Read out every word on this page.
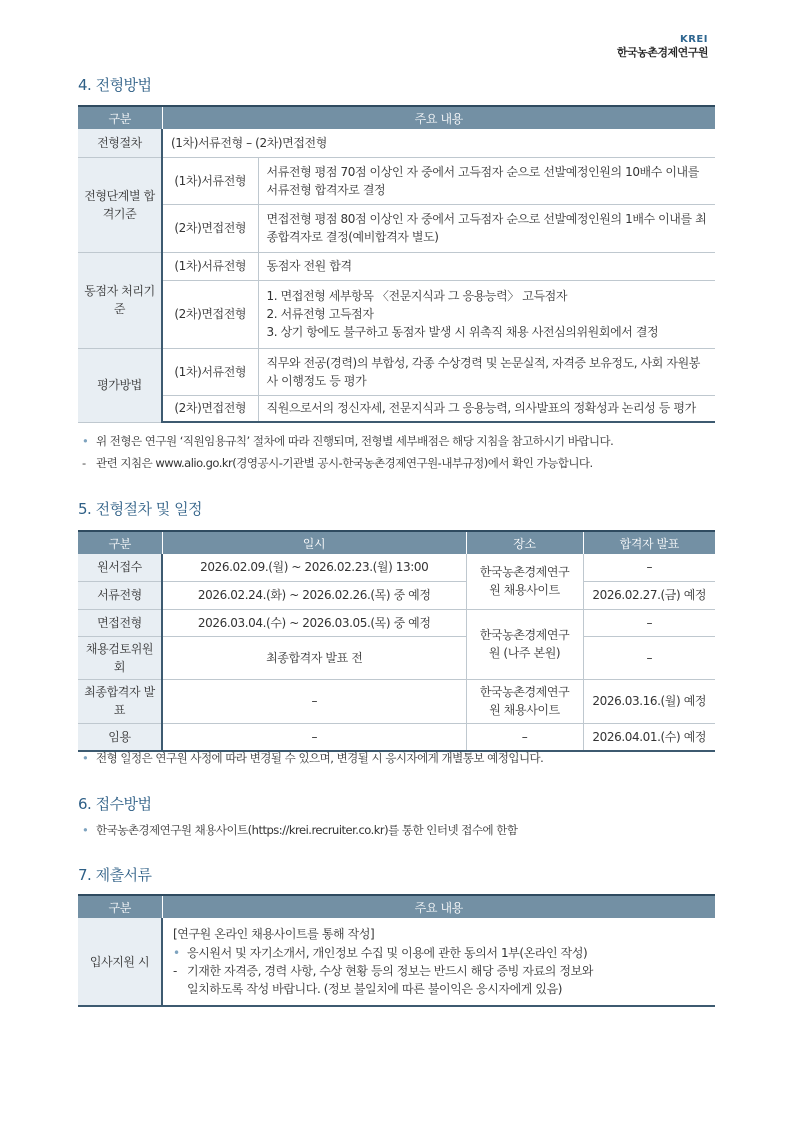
KREI
한국농촌경제연구원
4. 전형방법
구분	주요 내용	
전형절차	(1차)서류전형 – (2차)면접전형	
전형단계별 합격기준	(1차)서류전형	서류전형 평점 70점 이상인 자 중에서 고득점자 순으로 선발예정인원의 10배수 이내를 서류전형 합격자로 결정
	(2차)면접전형	면접전형 평점 80점 이상인 자 중에서 고득점자 순으로 선발예정인원의 1배수 이내를 최종합격자로 결정(예비합격자 별도)
동점자 처리기준	(1차)서류전형	동점자 전원 합격
	(2차)면접전형	1. 면접전형 세부항목 〈전문지식과 그 응용능력〉 고득점자
2. 서류전형 고득점자
3. 상기 항에도 불구하고 동점자 발생 시 위촉직 채용 사전심의위원회에서 결정

평가방법	(1차)서류전형	직무와 전공(경력)의 부합성, 각종 수상경력 및 논문실적, 자격증 보유정도, 사회 자원봉사 이행정도 등 평가
	(2차)면접전형	직원으로서의 정신자세, 전문지식과 그 응용능력, 의사발표의 정확성과 논리성 등 평가
• 위 전형은 연구원 ‘직원임용규칙’ 절차에 따라 진행되며, 전형별 세부배점은 해당 지침을 참고하시기 바랍니다.
- 관련 지침은 www.alio.go.kr(경영공시-기관별 공시-한국농촌경제연구원-내부규정)에서 확인 가능합니다.
5. 전형절차 및 일정
구분	일시	장소	합격자 발표
원서접수	2026.02.09.(월) ~ 2026.02.23.(월) 13:00	한국농촌경제연구원 채용사이트	–
서류전형	2026.02.24.(화) ~ 2026.02.26.(목) 중 예정		2026.02.27.(금) 예정
면접전형	2026.03.04.(수) ~ 2026.03.05.(목) 중 예정	한국농촌경제연구원 (나주 본원)	–
채용검토위원회	최종합격자 발표 전		–
최종합격자 발표	–	한국농촌경제연구원 채용사이트	2026.03.16.(월) 예정
임용	–	–	2026.04.01.(수) 예정
• 전형 일정은 연구원 사정에 따라 변경될 수 있으며, 변경될 시 응시자에게 개별통보 예정입니다.
6. 접수방법
• 한국농촌경제연구원 채용사이트(https://krei.recruiter.co.kr)를 통한 인터넷 접수에 한함
7. 제출서류
구분	주요 내용
입사지원 시	[연구원 온라인 채용사이트를 통해 작성]
• 응시원서 및 자기소개서, 개인정보 수집 및 이용에 관한 동의서 1부(온라인 작성)
- 기재한 자격증, 경력 사항, 수상 현황 등의 정보는 반드시 해당 증빙 자료의 정보와
일치하도록 작성 바랍니다. (정보 불일치에 따른 불이익은 응시자에게 있음)
